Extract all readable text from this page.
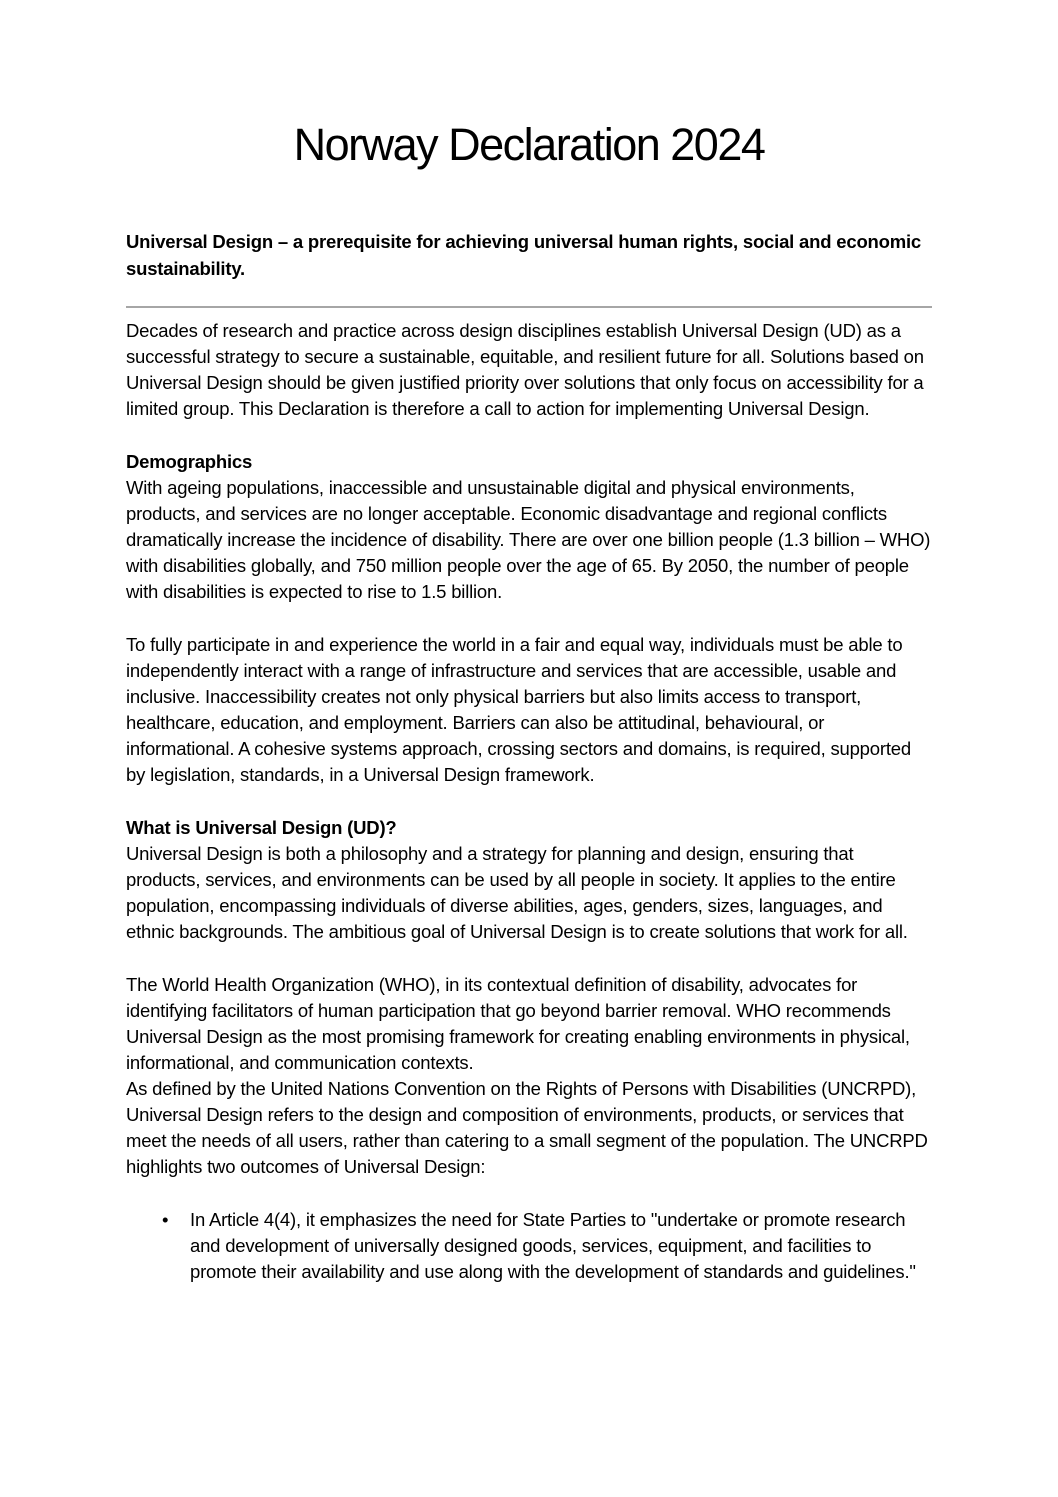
Norway Declaration 2024
Universal Design – a prerequisite for achieving universal human rights, social and economic sustainability.
Decades of research and practice across design disciplines establish Universal Design (UD) as a successful strategy to secure a sustainable, equitable, and resilient future for all. Solutions based on Universal Design should be given justified priority over solutions that only focus on accessibility for a limited group. This Declaration is therefore a call to action for implementing Universal Design.
Demographics
With ageing populations, inaccessible and unsustainable digital and physical environments, products, and services are no longer acceptable. Economic disadvantage and regional conflicts dramatically increase the incidence of disability. There are over one billion people (1.3 billion – WHO) with disabilities globally, and 750 million people over the age of 65. By 2050, the number of people with disabilities is expected to rise to 1.5 billion.
To fully participate in and experience the world in a fair and equal way, individuals must be able to independently interact with a range of infrastructure and services that are accessible, usable and inclusive. Inaccessibility creates not only physical barriers but also limits access to transport, healthcare, education, and employment. Barriers can also be attitudinal, behavioural, or informational. A cohesive systems approach, crossing sectors and domains, is required, supported by legislation, standards, in a Universal Design framework.
What is Universal Design (UD)?
Universal Design is both a philosophy and a strategy for planning and design, ensuring that products, services, and environments can be used by all people in society. It applies to the entire population, encompassing individuals of diverse abilities, ages, genders, sizes, languages, and ethnic backgrounds. The ambitious goal of Universal Design is to create solutions that work for all.
The World Health Organization (WHO), in its contextual definition of disability, advocates for identifying facilitators of human participation that go beyond barrier removal. WHO recommends Universal Design as the most promising framework for creating enabling environments in physical, informational, and communication contexts.
As defined by the United Nations Convention on the Rights of Persons with Disabilities (UNCRPD), Universal Design refers to the design and composition of environments, products, or services that meet the needs of all users, rather than catering to a small segment of the population. The UNCRPD highlights two outcomes of Universal Design:
•	In Article 4(4), it emphasizes the need for State Parties to "undertake or promote research and development of universally designed goods, services, equipment, and facilities to promote their availability and use along with the development of standards and guidelines."
